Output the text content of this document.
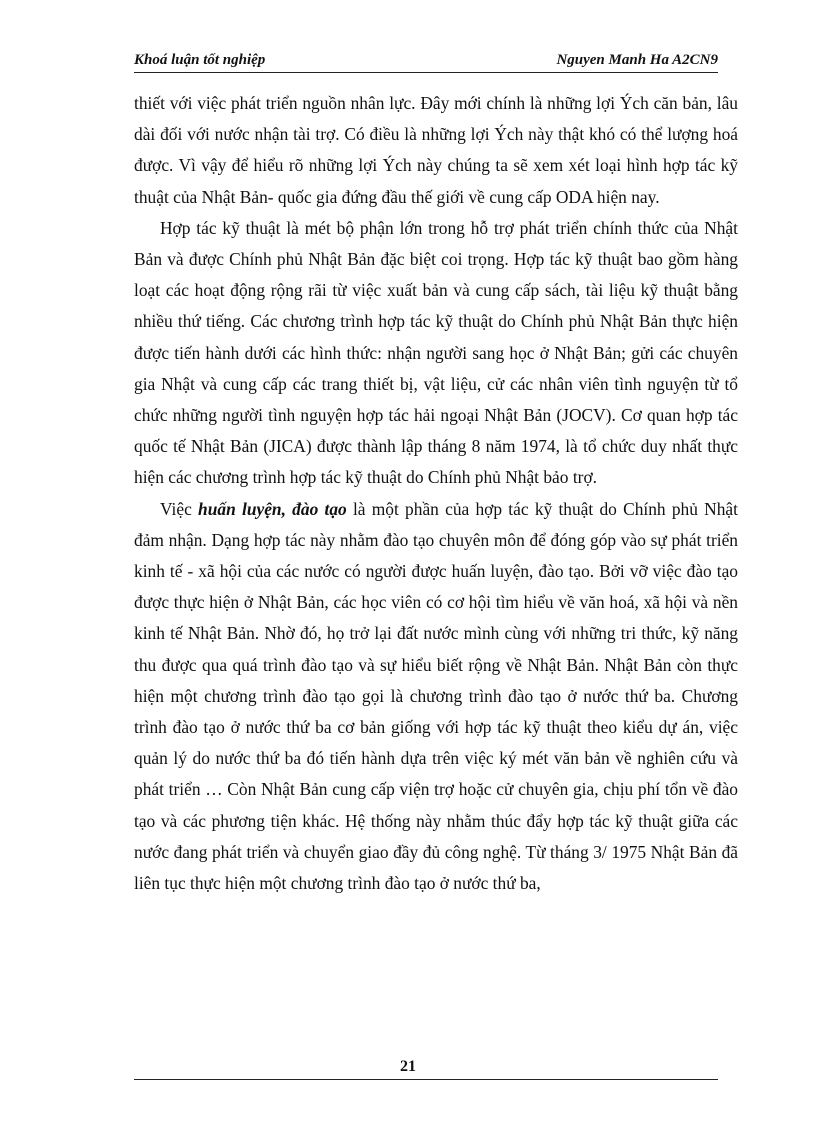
Khoá luận tốt nghiệp	Nguyen Manh Ha A2CN9

thiết với việc phát triển nguồn nhân lực. Đây mới chính là những lợi Ých căn bản, lâu dài đối với nước nhận tài trợ. Có điều là những lợi Ých này thật khó có thể lượng hoá được. Vì vậy để hiểu rõ những lợi Ých này chúng ta sẽ xem xét loại hình hợp tác kỹ thuật của Nhật Bản- quốc gia đứng đầu thế giới về cung cấp ODA hiện nay.

Hợp tác kỹ thuật là mét bộ phận lớn trong hỗ trợ phát triển chính thức của Nhật Bản và được Chính phủ Nhật Bản đặc biệt coi trọng. Hợp tác kỹ thuật bao gồm hàng loạt các hoạt động rộng rãi từ việc xuất bản và cung cấp sách, tài liệu kỹ thuật bằng nhiều thứ tiếng. Các chương trình hợp tác kỹ thuật do Chính phủ Nhật Bản thực hiện được tiến hành dưới các hình thức: nhận người sang học ở Nhật Bản; gửi các chuyên gia Nhật và cung cấp các trang thiết bị, vật liệu, cử các nhân viên tình nguyện từ tổ chức những người tình nguyện hợp tác hải ngoại Nhật Bản (JOCV). Cơ quan hợp tác quốc tế Nhật Bản (JICA) được thành lập tháng 8 năm 1974, là tổ chức duy nhất thực hiện các chương trình hợp tác kỹ thuật do Chính phủ Nhật bảo trợ.

Việc huấn luyện, đào tạo là một phần của hợp tác kỹ thuật do Chính phủ Nhật đảm nhận. Dạng hợp tác này nhằm đào tạo chuyên môn để đóng góp vào sự phát triển kinh tế - xã hội của các nước có người được huấn luyện, đào tạo. Bởi vỡ việc đào tạo được thực hiện ở Nhật Bản, các học viên có cơ hội tìm hiểu về văn hoá, xã hội và nền kinh tế Nhật Bản. Nhờ đó, họ trở lại đất nước mình cùng với những tri thức, kỹ năng thu được qua quá trình đào tạo và sự hiểu biết rộng về Nhật Bản. Nhật Bản còn thực hiện một chương trình đào tạo gọi là chương trình đào tạo ở nước thứ ba. Chương trình đào tạo ở nước thứ ba cơ bản giống với hợp tác kỹ thuật theo kiểu dự án, việc quản lý do nước thứ ba đó tiến hành dựa trên việc ký mét văn bản về nghiên cứu và phát triển … Còn Nhật Bản cung cấp viện trợ hoặc cử chuyên gia, chịu phí tổn về đào tạo và các phương tiện khác. Hệ thống này nhằm thúc đẩy hợp tác kỹ thuật giữa các nước đang phát triển và chuyển giao đầy đủ công nghệ. Từ tháng 3/ 1975 Nhật Bản đã liên tục thực hiện một chương trình đào tạo ở nước thứ ba,

21
